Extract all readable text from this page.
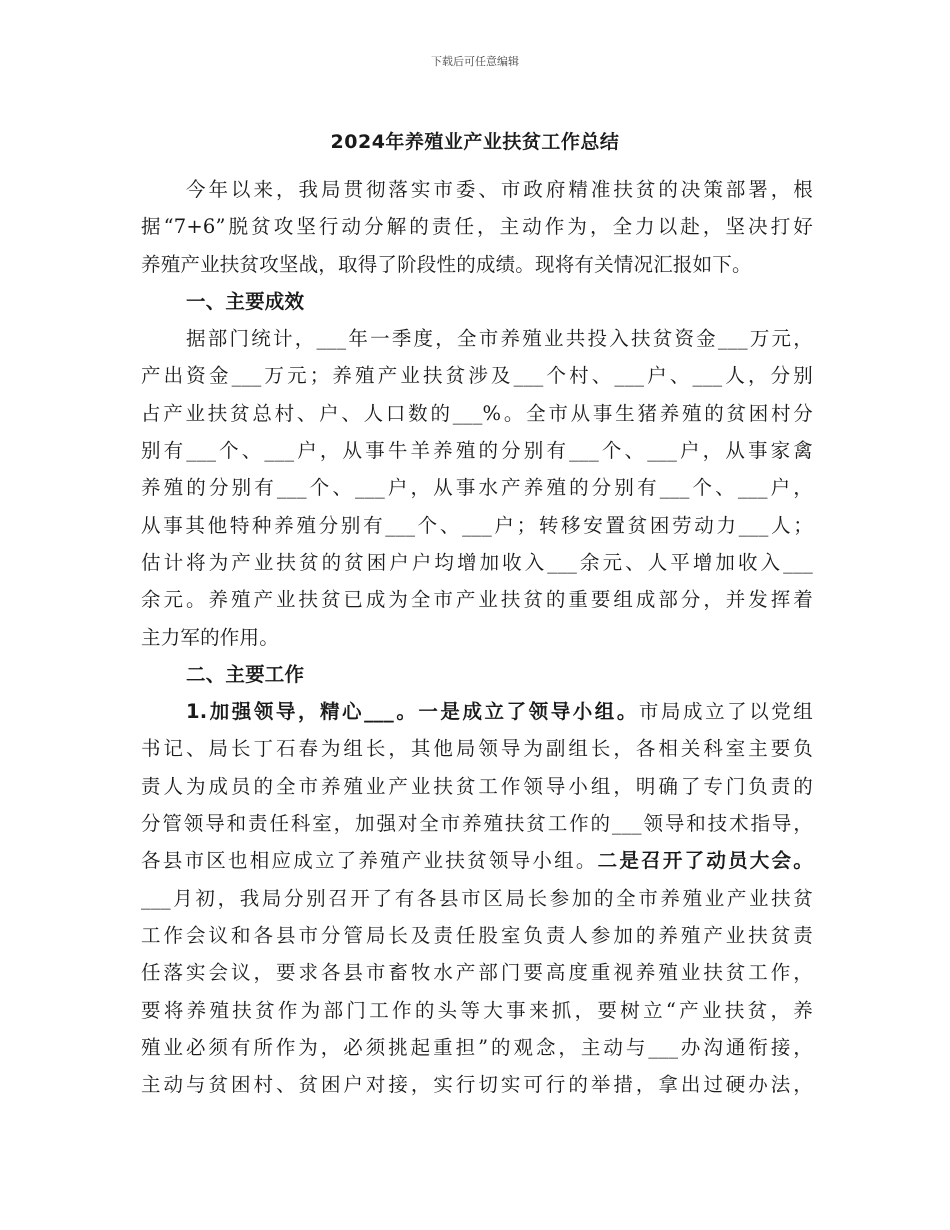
下载后可任意编辑
2024年养殖业产业扶贫工作总结
今年以来，我局贯彻落实市委、市政府精准扶贫的决策部署，根
据“7+6”脱贫攻坚行动分解的责任，主动作为，全力以赴，坚决打好
养殖产业扶贫攻坚战，取得了阶段性的成绩。现将有关情况汇报如下。
一、主要成效
据部门统计，___年一季度，全市养殖业共投入扶贫资金___万元，
产出资金___万元；养殖产业扶贫涉及___个村、___户、___人，分别
占产业扶贫总村、户、人口数的___%。全市从事生猪养殖的贫困村分
别有___个、___户，从事牛羊养殖的分别有___个、___户，从事家禽
养殖的分别有___个、___户，从事水产养殖的分别有___个、___户，
从事其他特种养殖分别有___个、___户；转移安置贫困劳动力___人；
估计将为产业扶贫的贫困户户均增加收入___余元、人平增加收入___
余元。养殖产业扶贫已成为全市产业扶贫的重要组成部分，并发挥着
主力军的作用。
二、主要工作
1.加强领导，精心___。一是成立了领导小组。市局成立了以党组
书记、局长丁石春为组长，其他局领导为副组长，各相关科室主要负
责人为成员的全市养殖业产业扶贫工作领导小组，明确了专门负责的
分管领导和责任科室，加强对全市养殖扶贫工作的___领导和技术指导，
各县市区也相应成立了养殖产业扶贫领导小组。二是召开了动员大会。
___月初，我局分别召开了有各县市区局长参加的全市养殖业产业扶贫
工作会议和各县市分管局长及责任股室负责人参加的养殖产业扶贫责
任落实会议，要求各县市畜牧水产部门要高度重视养殖业扶贫工作，
要将养殖扶贫作为部门工作的头等大事来抓，要树立“产业扶贫，养
殖业必须有所作为，必须挑起重担”的观念，主动与___办沟通衔接，
主动与贫困村、贫困户对接，实行切实可行的举措，拿出过硬办法，
